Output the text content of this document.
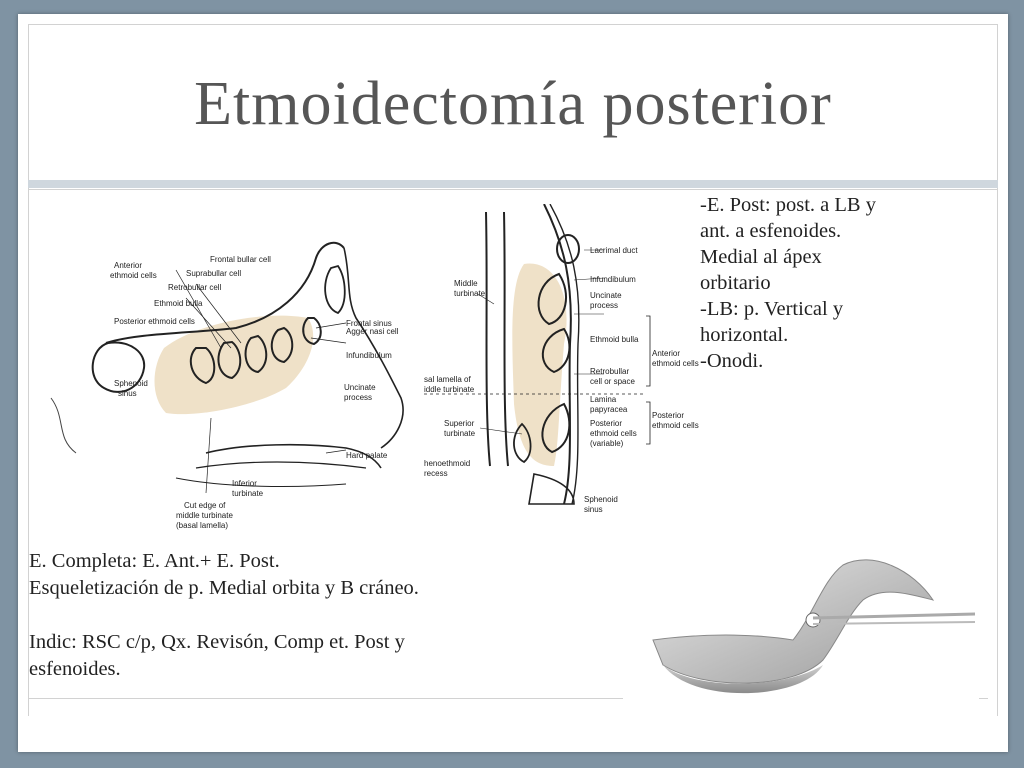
Etmoidectomía posterior
Anterior
ethmoid cells
Frontal bullar cell
Suprabullar cell
Retrobullar cell
Ethmoid bulla
Posterior ethmoid cells
Sphenoid
sinus
Frontal sinus
Agger nasi cell
Infundibulum
Uncinate
process
Hard palate
Inferior
turbinate
Cut edge of
middle turbinate
(basal lamella)
Middle
turbinate
sal lamella of
iddle turbinate
Superior
turbinate
henoethmoid
recess
Lacrimal duct
Infundibulum
Uncinate
process
Ethmoid bulla
Retrobullar
cell or space
Lamina
papyracea
Posterior
ethmoid cells
(variable)
Anterior
ethmoid cells
Posterior
ethmoid cells
Sphenoid
sinus
-E. Post: post. a LB y
ant. a esfenoides.
Medial al ápex
orbitario
-LB: p. Vertical y
horizontal.
-Onodi.
E. Completa: E. Ant.+ E. Post.
Esqueletización de p. Medial orbita y B cráneo.
Indic: RSC c/p, Qx. Revisón, Comp et. Post y
esfenoides.
